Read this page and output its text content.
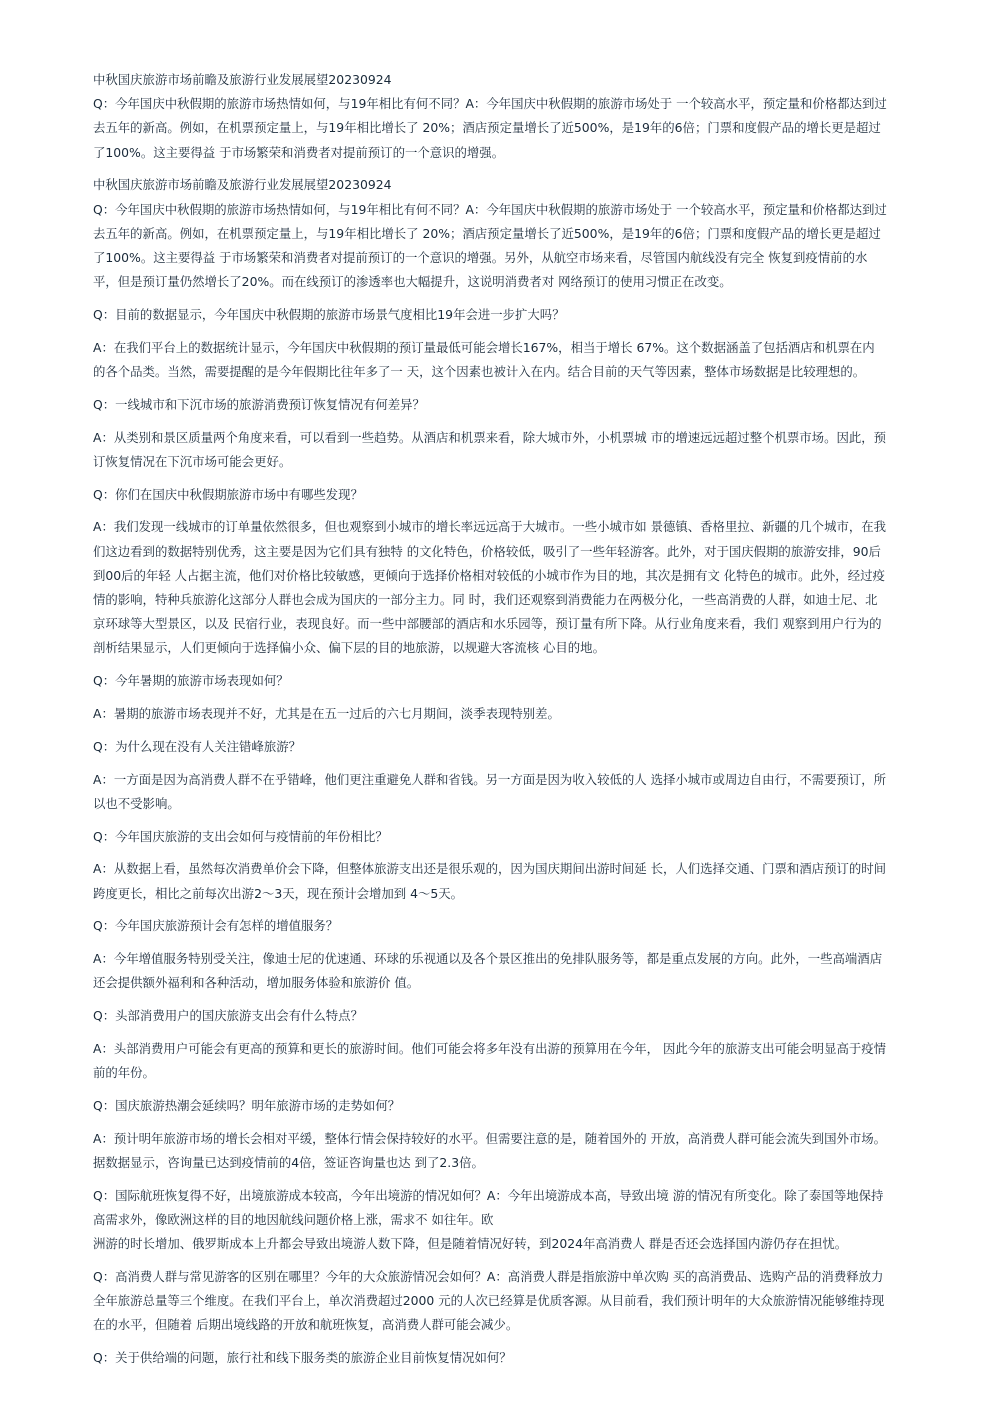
中秋国庆旅游市场前瞻及旅游行业发展展望20230924
Q：今年国庆中秋假期的旅游市场热情如何，与19年相比有何不同？A：今年国庆中秋假期的旅游市场处于 一个较高水平，预定量和价格都达到过
去五年的新高。例如，在机票预定量上，与19年相比增长了 20%；酒店预定量增长了近500%，是19年的6倍；门票和度假产品的增长更是超过
了100%。这主要得益 于市场繁荣和消费者对提前预订的一个意识的增强。
中秋国庆旅游市场前瞻及旅游行业发展展望20230924
Q：今年国庆中秋假期的旅游市场热情如何，与19年相比有何不同？A：今年国庆中秋假期的旅游市场处于 一个较高水平，预定量和价格都达到过
去五年的新高。例如，在机票预定量上，与19年相比增长了 20%；酒店预定量增长了近500%，是19年的6倍；门票和度假产品的增长更是超过
了100%。这主要得益 于市场繁荣和消费者对提前预订的一个意识的增强。另外，从航空市场来看，尽管国内航线没有完全 恢复到疫情前的水
平，但是预订量仍然增长了20%。而在线预订的渗透率也大幅提升，这说明消费者对 网络预订的使用习惯正在改变。
Q：目前的数据显示，今年国庆中秋假期的旅游市场景气度相比19年会进一步扩大吗？
A：在我们平台上的数据统计显示，今年国庆中秋假期的预订量最低可能会增长167%，相当于增长 67%。这个数据涵盖了包括酒店和机票在内
的各个品类。当然，需要提醒的是今年假期比往年多了一 天，这个因素也被计入在内。结合目前的天气等因素，整体市场数据是比较理想的。
Q：一线城市和下沉市场的旅游消费预订恢复情况有何差异？
A：从类别和景区质量两个角度来看，可以看到一些趋势。从酒店和机票来看，除大城市外，小机票城 市的增速远远超过整个机票市场。因此，预
订恢复情况在下沉市场可能会更好。
Q：你们在国庆中秋假期旅游市场中有哪些发现？
A：我们发现一线城市的订单量依然很多，但也观察到小城市的增长率远远高于大城市。一些小城市如 景德镇、香格里拉、新疆的几个城市，在我
们这边看到的数据特别优秀，这主要是因为它们具有独特 的文化特色，价格较低，吸引了一些年轻游客。此外，对于国庆假期的旅游安排，90后
到00后的年轻 人占据主流，他们对价格比较敏感，更倾向于选择价格相对较低的小城市作为目的地，其次是拥有文 化特色的城市。此外，经过疫
情的影响，特种兵旅游化这部分人群也会成为国庆的一部分主力。同 时，我们还观察到消费能力在两极分化，一些高消费的人群，如迪士尼、北
京环球等大型景区，以及 民宿行业，表现良好。而一些中部腰部的酒店和水乐园等，预订量有所下降。从行业角度来看，我们 观察到用户行为的
剖析结果显示，人们更倾向于选择偏小众、偏下层的目的地旅游，以规避大客流核 心目的地。
Q：今年暑期的旅游市场表现如何？
A：暑期的旅游市场表现并不好，尤其是在五一过后的六七月期间，淡季表现特别差。
Q：为什么现在没有人关注错峰旅游？
A：一方面是因为高消费人群不在乎错峰，他们更注重避免人群和省钱。另一方面是因为收入较低的人 选择小城市或周边自由行，不需要预订，所
以也不受影响。
Q：今年国庆旅游的支出会如何与疫情前的年份相比？
A：从数据上看，虽然每次消费单价会下降，但整体旅游支出还是很乐观的，因为国庆期间出游时间延 长，人们选择交通、门票和酒店预订的时间
跨度更长，相比之前每次出游2～3天，现在预计会增加到 4～5天。
Q：今年国庆旅游预计会有怎样的增值服务？
A：今年增值服务特别受关注，像迪士尼的优速通、环球的乐视通以及各个景区推出的免排队服务等，都是重点发展的方向。此外，一些高端酒店
还会提供额外福利和各种活动，增加服务体验和旅游价 值。
Q：头部消费用户的国庆旅游支出会有什么特点？
A：头部消费用户可能会有更高的预算和更长的旅游时间。他们可能会将多年没有出游的预算用在今年， 因此今年的旅游支出可能会明显高于疫情
前的年份。
Q：国庆旅游热潮会延续吗？明年旅游市场的走势如何？
A：预计明年旅游市场的增长会相对平缓，整体行情会保持较好的水平。但需要注意的是，随着国外的 开放，高消费人群可能会流失到国外市场。
据数据显示，咨询量已达到疫情前的4倍，签证咨询量也达 到了2.3倍。
Q：国际航班恢复得不好，出境旅游成本较高，今年出境游的情况如何？A：今年出境游成本高，导致出境 游的情况有所变化。除了泰国等地保持
高需求外，像欧洲这样的目的地因航线问题价格上涨，需求不 如往年。欧
洲游的时长增加、俄罗斯成本上升都会导致出境游人数下降，但是随着情况好转，到2024年高消费人 群是否还会选择国内游仍存在担忧。
Q：高消费人群与常见游客的区别在哪里？今年的大众旅游情况会如何？A：高消费人群是指旅游中单次购 买的高消费品、选购产品的消费释放力
全年旅游总量等三个维度。在我们平台上，单次消费超过2000 元的人次已经算是优质客源。从目前看，我们预计明年的大众旅游情况能够维持现
在的水平，但随着 后期出境线路的开放和航班恢复，高消费人群可能会减少。
Q：关于供给端的问题，旅行社和线下服务类的旅游企业目前恢复情况如何？
